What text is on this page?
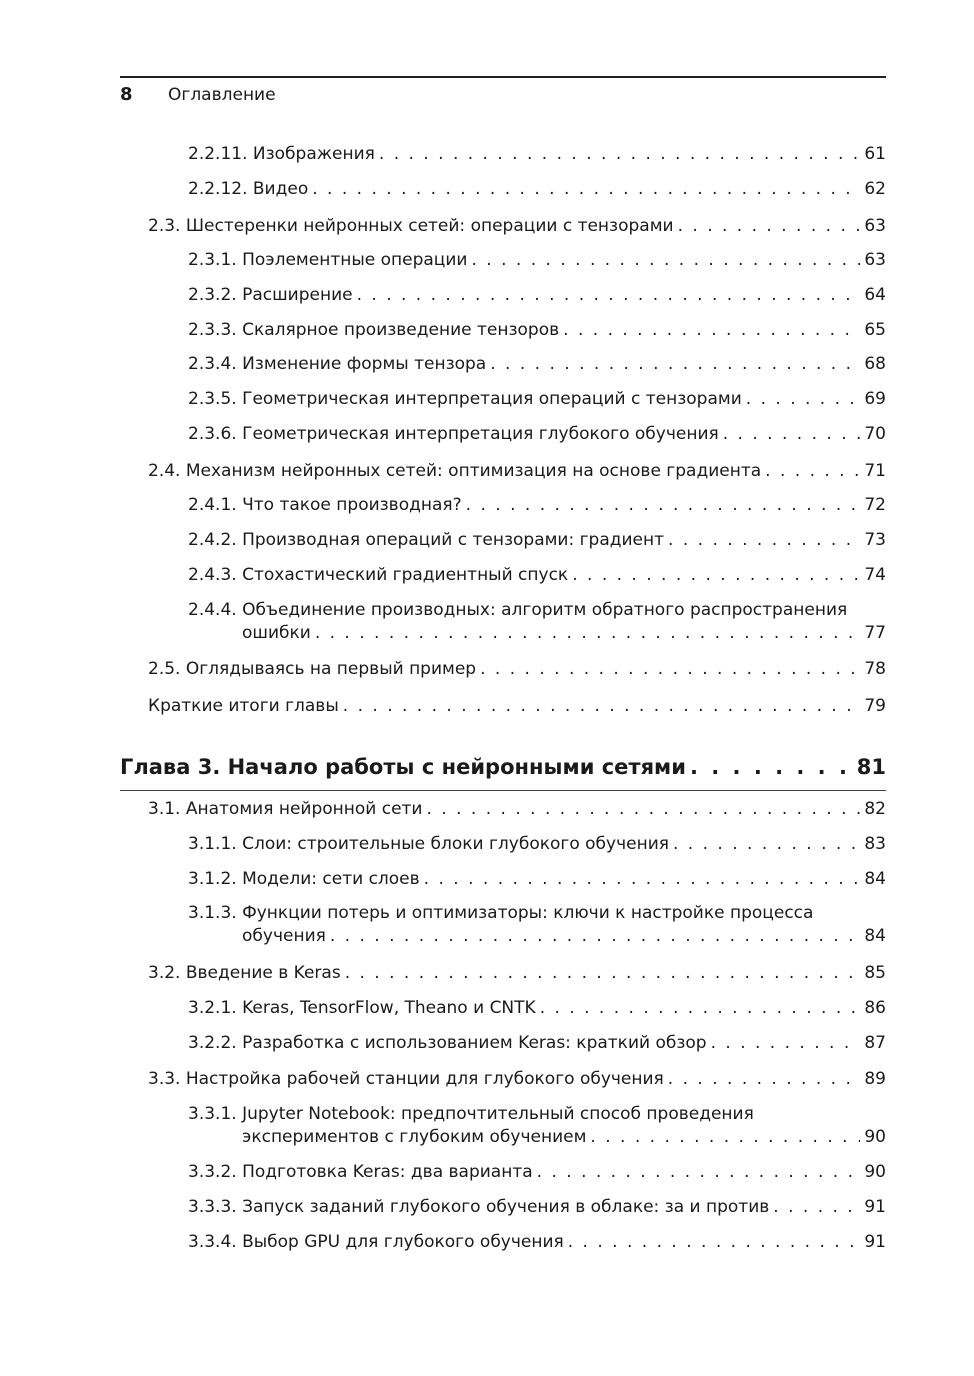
8 Оглавление
2.2.11. Изображения . . .	61
2.2.12. Видео . . .	62
2.3. Шестеренки нейронных сетей: операции с тензорами . . .	63
2.3.1. Поэлементные операции . . .	63
2.3.2. Расширение . . .	64
2.3.3. Скалярное произведение тензоров . . .	65
2.3.4. Изменение формы тензора . . .	68
2.3.5. Геометрическая интерпретация операций с тензорами . . .	69
2.3.6. Геометрическая интерпретация глубокого обучения . . .	70
2.4. Механизм нейронных сетей: оптимизация на основе градиента . . .	71
2.4.1. Что такое производная? . . .	72
2.4.2. Производная операций с тензорами: градиент . . .	73
2.4.3. Стохастический градиентный спуск . . .	74
2.4.4. Объединение производных: алгоритм обратного распространения
ошибки . . .	77
2.5. Оглядываясь на первый пример . . .	78
Краткие итоги главы . . .	79
Глава 3. Начало работы с нейронными сетями . . .	81
3.1. Анатомия нейронной сети . . .	82
3.1.1. Слои: строительные блоки глубокого обучения . . .	83
3.1.2. Модели: сети слоев . . .	84
3.1.3. Функции потерь и оптимизаторы: ключи к настройке процесса
обучения . . .	84
3.2. Введение в Keras . . .	85
3.2.1. Keras, TensorFlow, Theano и CNTK . . .	86
3.2.2. Разработка с использованием Keras: краткий обзор . . .	87
3.3. Настройка рабочей станции для глубокого обучения . . .	89
3.3.1. Jupyter Notebook: предпочтительный способ проведения
экспериментов с глубоким обучением . . .	90
3.3.2. Подготовка Keras: два варианта . . .	90
3.3.3. Запуск заданий глубокого обучения в облаке: за и против . . .	91
3.3.4. Выбор GPU для глубокого обучения . . .	91
